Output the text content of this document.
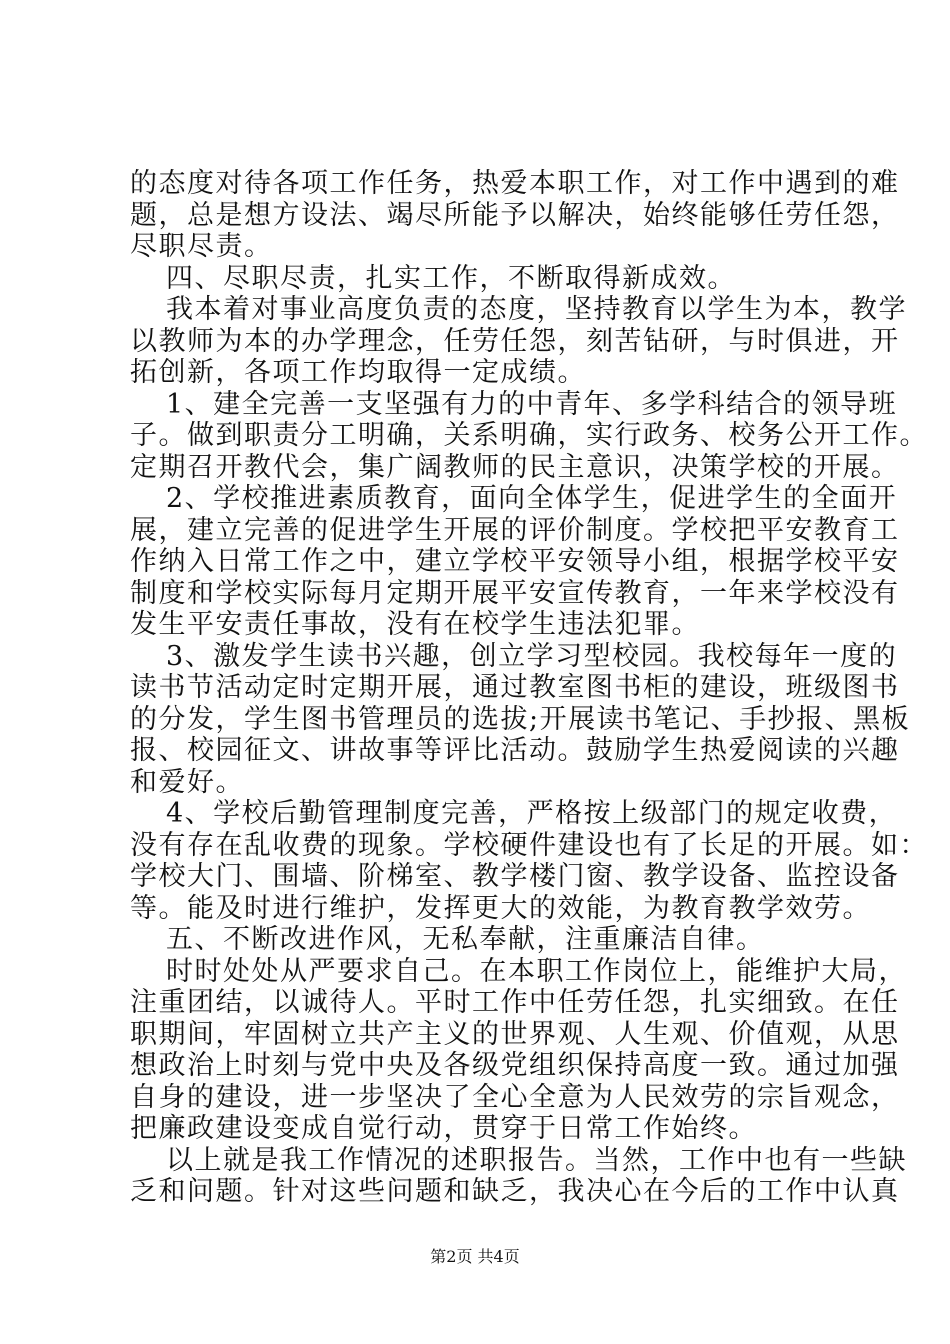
的态度对待各项工作任务，热爱本职工作，对工作中遇到的难
题，总是想方设法、竭尽所能予以解决，始终能够任劳任怨，
尽职尽责。
四、尽职尽责，扎实工作，不断取得新成效。
我本着对事业高度负责的态度，坚持教育以学生为本，教学
以教师为本的办学理念，任劳任怨，刻苦钻研，与时俱进，开
拓创新，各项工作均取得一定成绩。
1、建全完善一支坚强有力的中青年、多学科结合的领导班
子。做到职责分工明确，关系明确，实行政务、校务公开工作。
定期召开教代会，集广阔教师的民主意识，决策学校的开展。
2、学校推进素质教育，面向全体学生，促进学生的全面开
展，建立完善的促进学生开展的评价制度。学校把平安教育工
作纳入日常工作之中，建立学校平安领导小组，根据学校平安
制度和学校实际每月定期开展平安宣传教育，一年来学校没有
发生平安责任事故，没有在校学生违法犯罪。
3、激发学生读书兴趣，创立学习型校园。我校每年一度的
读书节活动定时定期开展，通过教室图书柜的建设，班级图书
的分发，学生图书管理员的选拔;开展读书笔记、手抄报、黑板
报、校园征文、讲故事等评比活动。鼓励学生热爱阅读的兴趣
和爱好。
4、学校后勤管理制度完善，严格按上级部门的规定收费，
没有存在乱收费的现象。学校硬件建设也有了长足的开展。如：
学校大门、围墙、阶梯室、教学楼门窗、教学设备、监控设备
等。能及时进行维护，发挥更大的效能，为教育教学效劳。
五、不断改进作风，无私奉献，注重廉洁自律。
时时处处从严要求自己。在本职工作岗位上，能维护大局，
注重团结，以诚待人。平时工作中任劳任怨，扎实细致。在任
职期间，牢固树立共产主义的世界观、人生观、价值观，从思
想政治上时刻与党中央及各级党组织保持高度一致。通过加强
自身的建设，进一步坚决了全心全意为人民效劳的宗旨观念，
把廉政建设变成自觉行动，贯穿于日常工作始终。
以上就是我工作情况的述职报告。当然，工作中也有一些缺
乏和问题。针对这些问题和缺乏，我决心在今后的工作中认真
第2页 共4页
